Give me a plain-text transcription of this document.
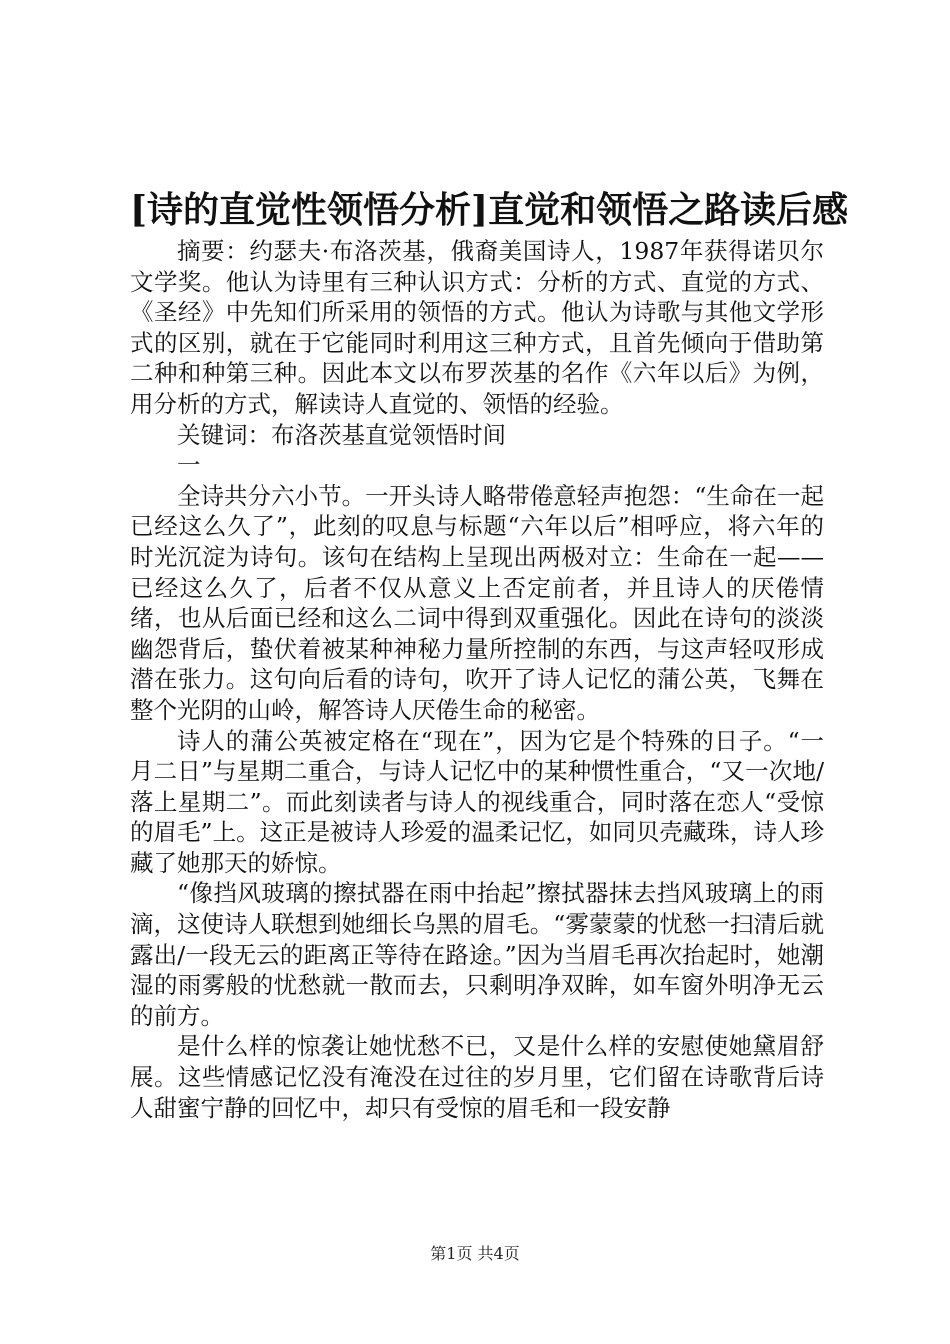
[诗的直觉性领悟分析]直觉和领悟之路读后感

摘要：约瑟夫·布洛茨基，俄裔美国诗人，1987年获得诺贝尔文学奖。他认为诗里有三种认识方式：分析的方式、直觉的方式、《圣经》中先知们所采用的领悟的方式。他认为诗歌与其他文学形式的区别，就在于它能同时利用这三种方式，且首先倾向于借助第二种和种第三种。因此本文以布罗茨基的名作《六年以后》为例，用分析的方式，解读诗人直觉的、领悟的经验。

关键词：布洛茨基直觉领悟时间

一

全诗共分六小节。一开头诗人略带倦意轻声抱怨：“生命在一起已经这么久了”，此刻的叹息与标题“六年以后”相呼应，将六年的时光沉淀为诗句。该句在结构上呈现出两极对立：生命在一起——已经这么久了，后者不仅从意义上否定前者，并且诗人的厌倦情绪，也从后面已经和这么二词中得到双重强化。因此在诗句的淡淡幽怨背后，蛰伏着被某种神秘力量所控制的东西，与这声轻叹形成潜在张力。这句向后看的诗句，吹开了诗人记忆的蒲公英，飞舞在整个光阴的山岭，解答诗人厌倦生命的秘密。

诗人的蒲公英被定格在“现在”，因为它是个特殊的日子。“一月二日”与星期二重合，与诗人记忆中的某种惯性重合，“又一次地/落上星期二”。而此刻读者与诗人的视线重合，同时落在恋人“受惊的眉毛”上。这正是被诗人珍爱的温柔记忆，如同贝壳藏珠，诗人珍藏了她那天的娇惊。

“像挡风玻璃的擦拭器在雨中抬起”擦拭器抹去挡风玻璃上的雨滴，这使诗人联想到她细长乌黑的眉毛。“雾蒙蒙的忧愁一扫清后就露出/一段无云的距离正等待在路途。”因为当眉毛再次抬起时，她潮湿的雨雾般的忧愁就一散而去，只剩明净双眸，如车窗外明净无云的前方。

是什么样的惊袭让她忧愁不已，又是什么样的安慰使她黛眉舒展。这些情感记忆没有淹没在过往的岁月里，它们留在诗歌背后诗人甜蜜宁静的回忆中，却只有受惊的眉毛和一段安静

第1页 共4页
